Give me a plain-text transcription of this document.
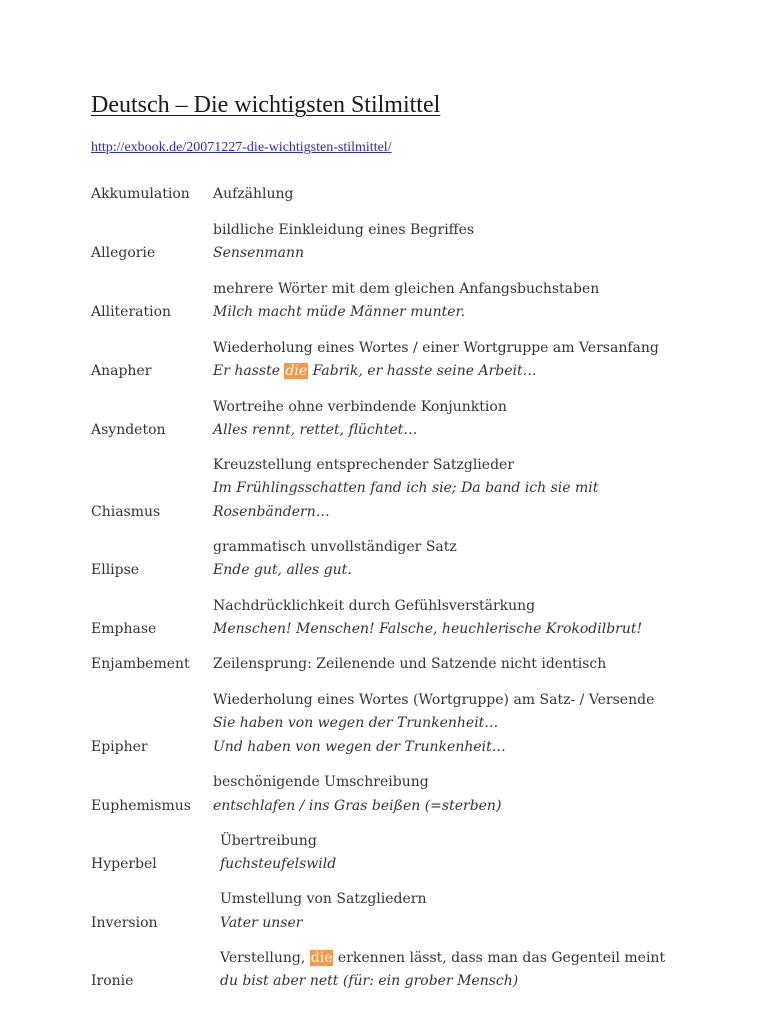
Deutsch – Die wichtigsten Stilmittel
http://exbook.de/20071227-die-wichtigsten-stilmittel/
Akkumulation Aufzählung
Allegorie
bildliche Einkleidung eines Begriffes
Sensenmann
Alliteration
mehrere Wörter mit dem gleichen Anfangsbuchstaben
Milch macht müde Männer munter.
Anapher
Wiederholung eines Wortes / einer Wortgruppe am Versanfang
Er hasste die Fabrik, er hasste seine Arbeit…
Asyndeton
Wortreihe ohne verbindende Konjunktion
Alles rennt, rettet, flüchtet…
Chiasmus
Kreuzstellung entsprechender Satzglieder
Im Frühlingsschatten fand ich sie; Da band ich sie mit
Rosenbändern…
Ellipse
grammatisch unvollständiger Satz
Ende gut, alles gut.
Emphase
Nachdrücklichkeit durch Gefühlsverstärkung
Menschen! Menschen! Falsche, heuchlerische Krokodilbrut!
Enjambement Zeilensprung: Zeilenende und Satzende nicht identisch
Epipher
Wiederholung eines Wortes (Wortgruppe) am Satz- / Versende
Sie haben von wegen der Trunkenheit…
Und haben von wegen der Trunkenheit…
Euphemismus
beschönigende Umschreibung
entschlafen / ins Gras beißen (=sterben)
Hyperbel
Übertreibung
fuchsteufelswild
Inversion
Umstellung von Satzgliedern
Vater unser
Ironie
Verstellung, die erkennen lässt, dass man das Gegenteil meint
du bist aber nett (für: ein grober Mensch)
